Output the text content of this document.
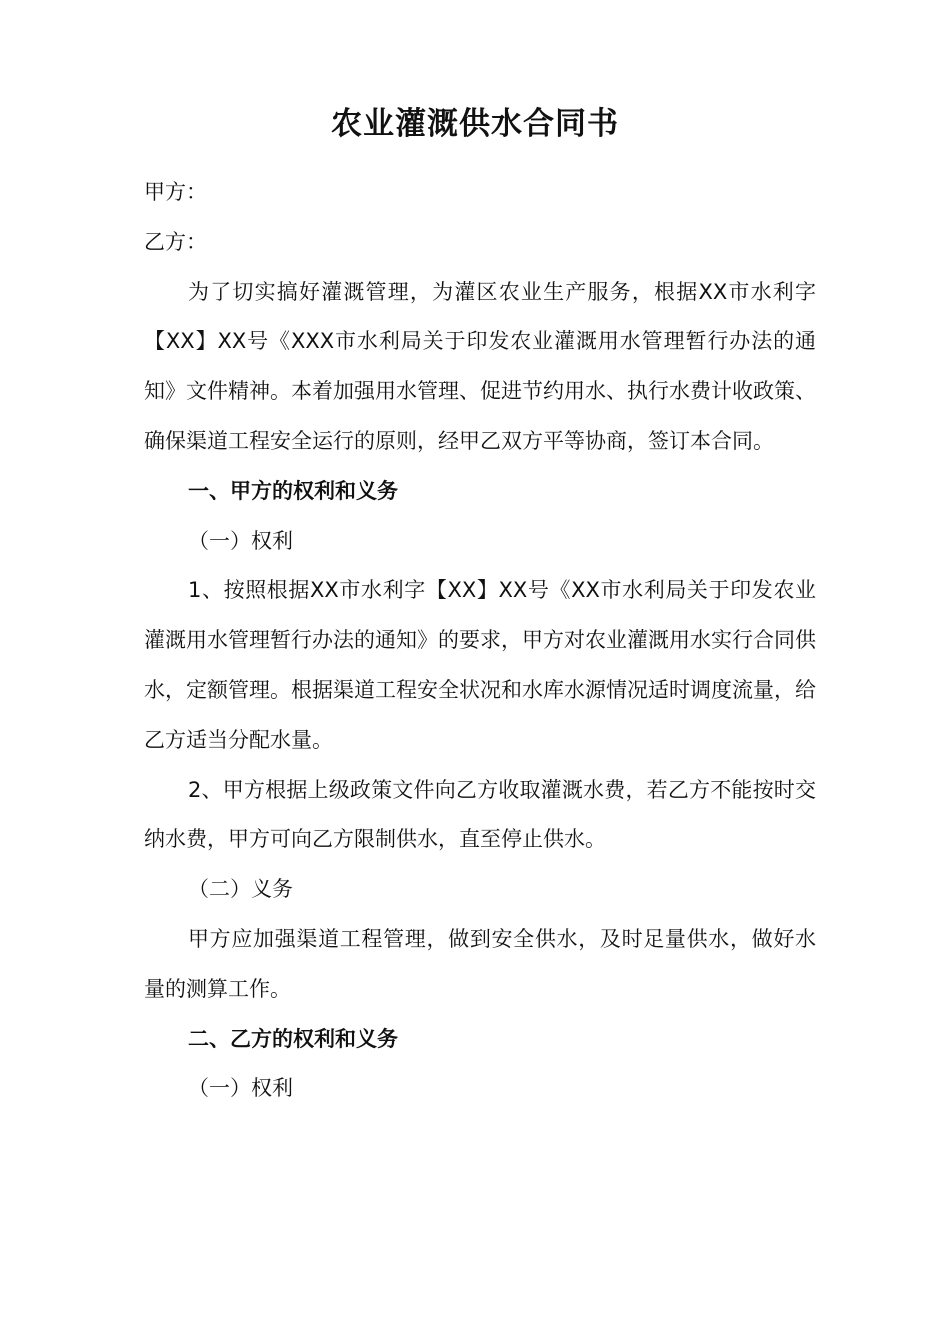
农业灌溉供水合同书

甲方：

乙方：

为了切实搞好灌溉管理，为灌区农业生产服务，根据XX市水利字【XX】XX号《XXX市水利局关于印发农业灌溉用水管理暂行办法的通知》文件精神。本着加强用水管理、促进节约用水、执行水费计收政策、确保渠道工程安全运行的原则，经甲乙双方平等协商，签订本合同。

一、甲方的权利和义务

（一）权利

1、按照根据XX市水利字【XX】XX号《XX市水利局关于印发农业灌溉用水管理暂行办法的通知》的要求，甲方对农业灌溉用水实行合同供水，定额管理。根据渠道工程安全状况和水库水源情况适时调度流量，给乙方适当分配水量。

2、甲方根据上级政策文件向乙方收取灌溉水费，若乙方不能按时交纳水费，甲方可向乙方限制供水，直至停止供水。

（二）义务

甲方应加强渠道工程管理，做到安全供水，及时足量供水，做好水量的测算工作。

二、乙方的权利和义务

（一）权利
